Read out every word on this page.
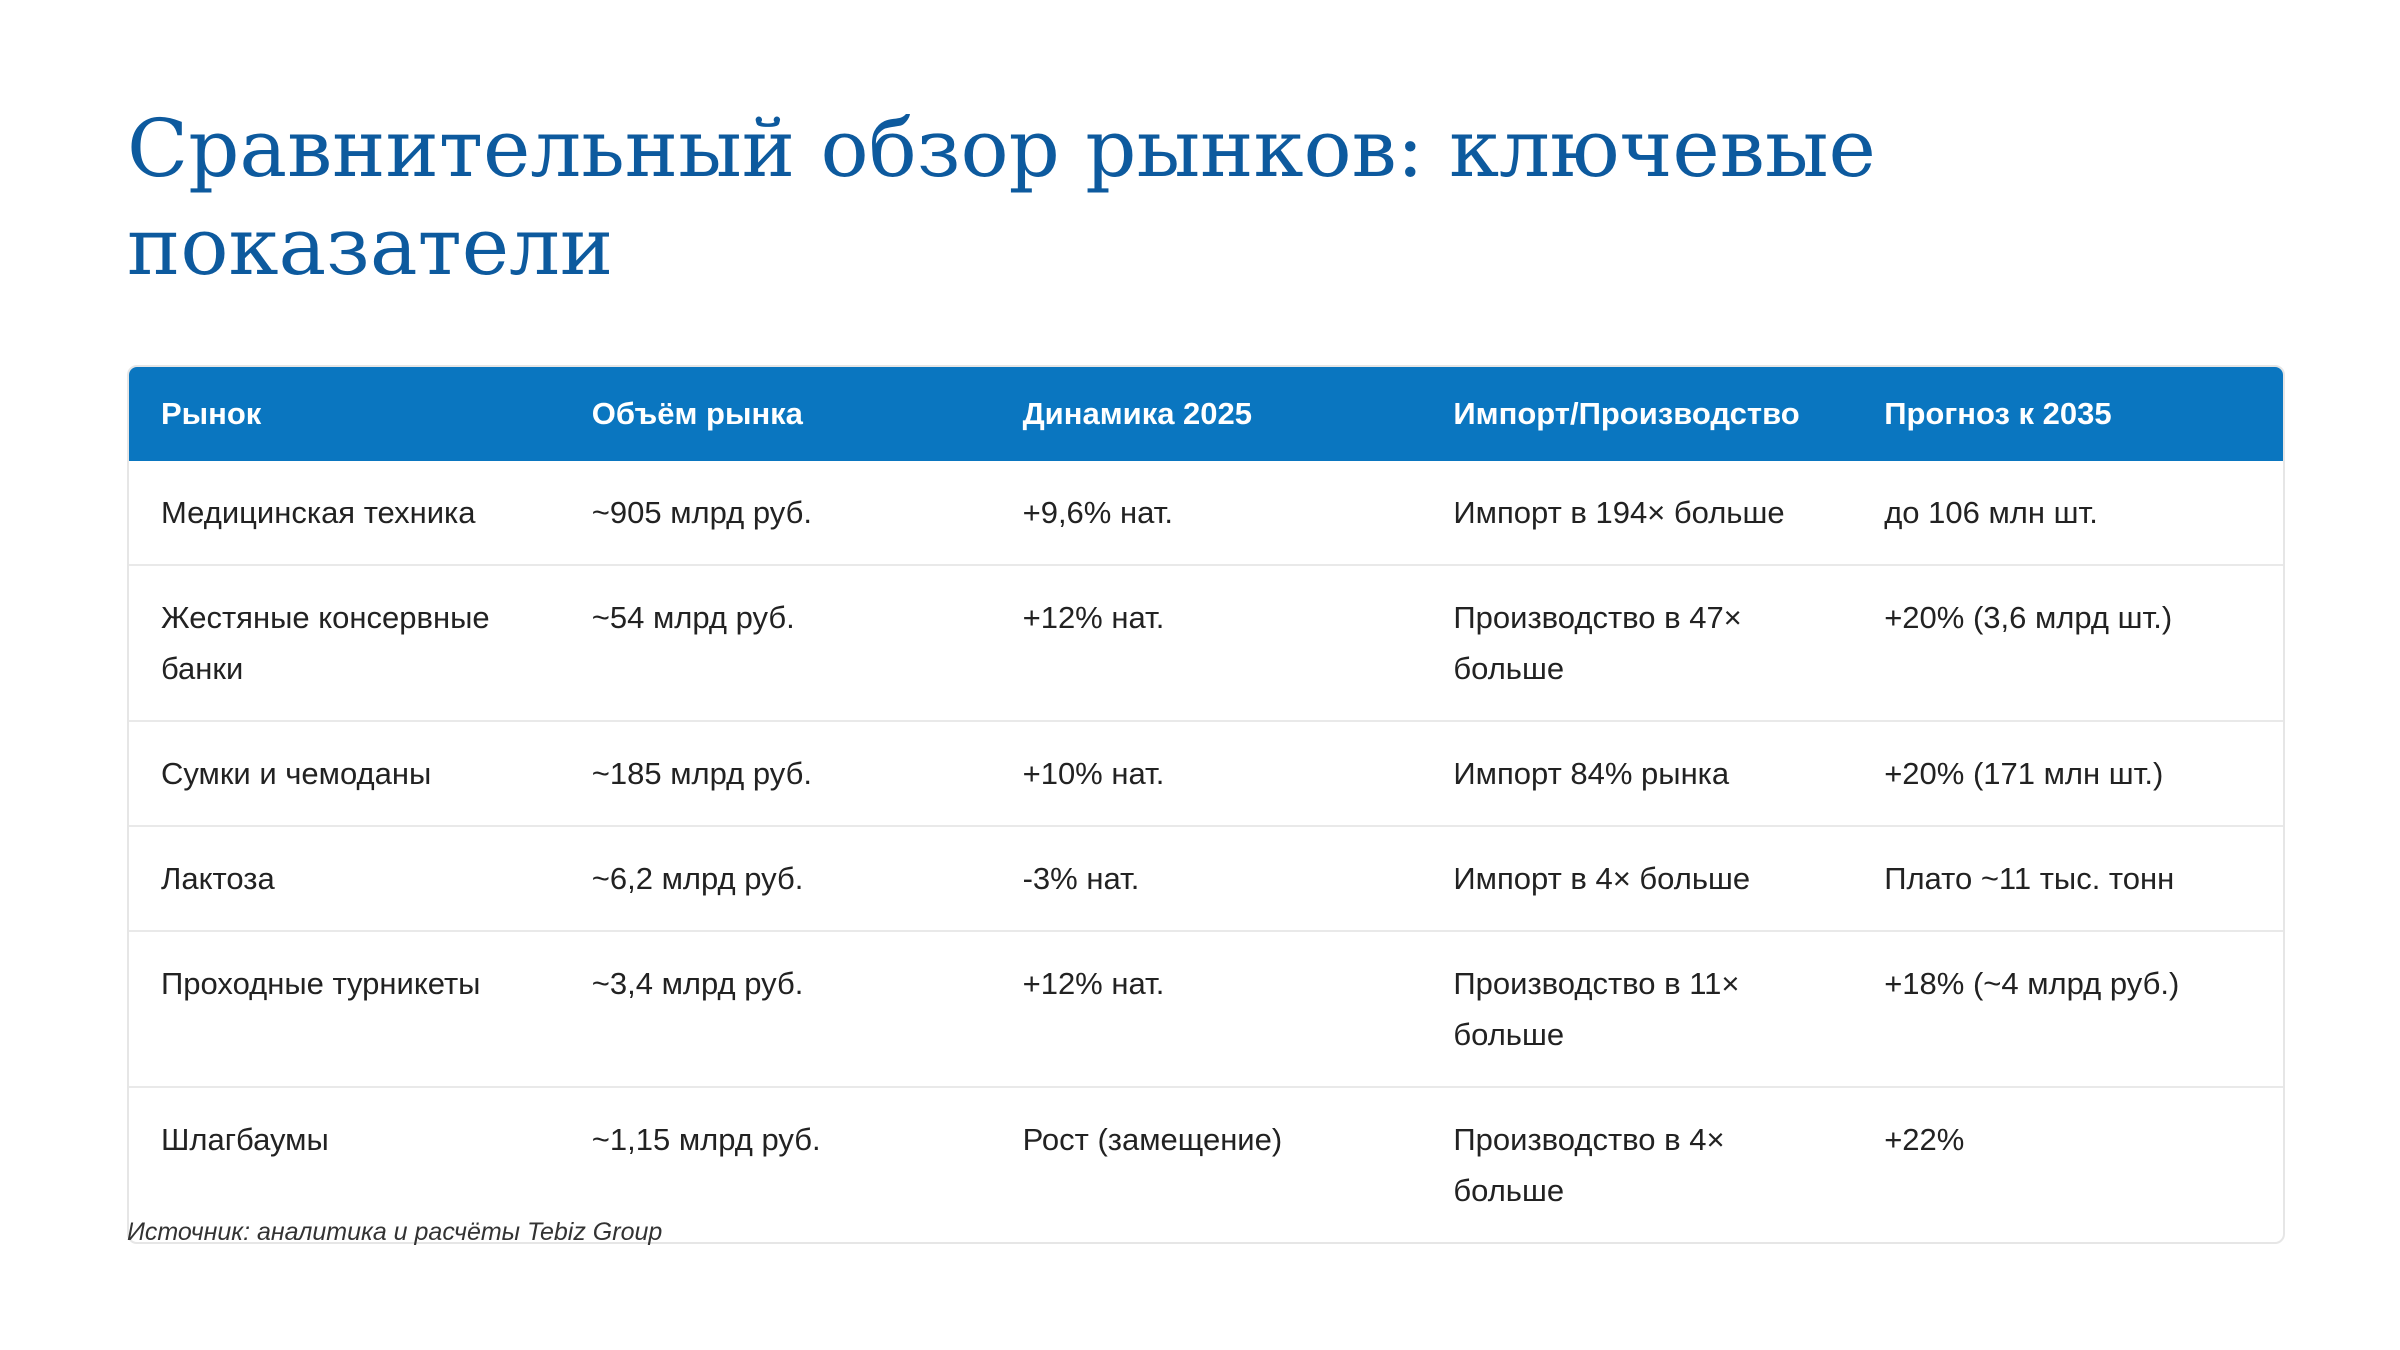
Сравнительный обзор рынков: ключевые показатели
Рынок	Объём рынка	Динамика 2025	Импорт/Производство	Прогноз к 2035
Медицинская техника	~905 млрд руб.	+9,6% нат.	Импорт в 194× больше	до 106 млн шт.
Жестяные консервные банки	~54 млрд руб.	+12% нат.	Производство в 47× больше	+20% (3,6 млрд шт.)
Сумки и чемоданы	~185 млрд руб.	+10% нат.	Импорт 84% рынка	+20% (171 млн шт.)
Лактоза	~6,2 млрд руб.	-3% нат.	Импорт в 4× больше	Плато ~11 тыс. тонн
Проходные турникеты	~3,4 млрд руб.	+12% нат.	Производство в 11× больше	+18% (~4 млрд руб.)
Шлагбаумы	~1,15 млрд руб.	Рост (замещение)	Производство в 4× больше	+22%
Источник: аналитика и расчёты Tebiz Group
